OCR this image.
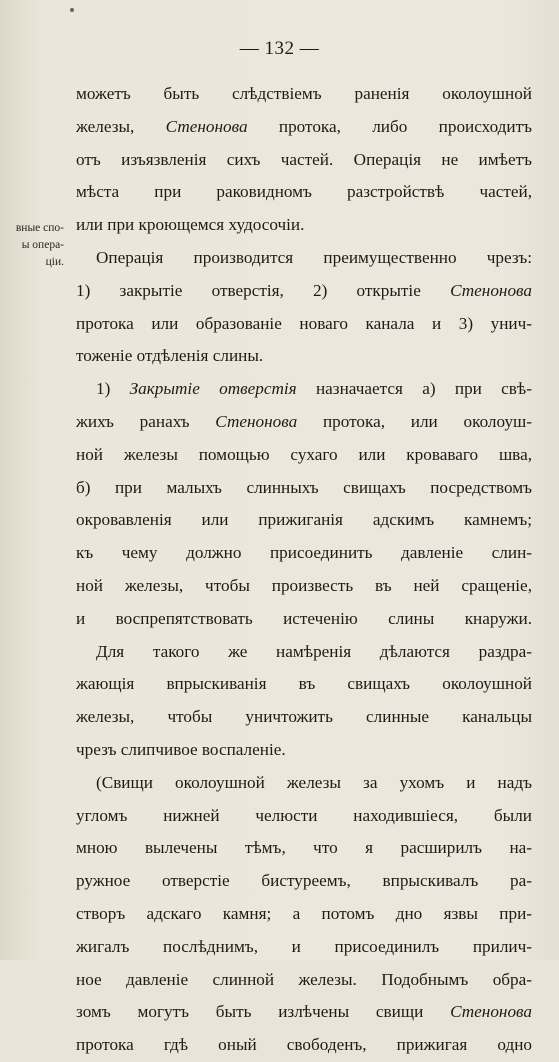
— 132 —
вные спо-
ы опера-
ціи.
можетъ быть слѣдствіемъ раненія околоушной
железы, Стенонова протока, либо происходитъ
отъ изъязвленія сихъ частей. Операція не имѣетъ
мѣста при раковидномъ разстройствѣ частей,
или при кроющемся худосочіи.
Операція производится преимущественно чрезъ:
1) закрытіе отверстія, 2) открытіе Стенонова
протока или образованіе новаго канала и 3) унич-
тоженіе отдѣленія слины.
1) Закрытіе отверстія назначается а) при свѣ-
жихъ ранахъ Стенонова протока, или околоуш-
ной железы помощью сухаго или кроваваго шва,
б) при малыхъ слинныхъ свищахъ посредствомъ
окровавленія или прижиганія адскимъ камнемъ;
къ чему должно присоединить давленіе слин-
ной железы, чтобы произвесть въ ней сращеніе,
и воспрепятствовать истеченію слины кнаружи.
Для такого же намѣренія дѣлаются раздра-
жающія впрыскиванія въ свищахъ околоушной
железы, чтобы уничтожить слинные канальцы
чрезъ слипчивое воспаленіе.
(Свищи околоушной железы за ухомъ и надъ
угломъ нижней челюсти находившіеся, были
мною вылечены тѣмъ, что я расширилъ на-
ружное отверстіе бистуреемъ, впрыскивалъ ра-
створъ адскаго камня; а потомъ дно язвы при-
жигалъ послѣднимъ, и присоединилъ прилич-
ное давленіе слинной железы. Подобнымъ обра-
зомъ могутъ быть излѣчены свищи Стенонова
протока гдѣ оный свободенъ, прижигая одно
